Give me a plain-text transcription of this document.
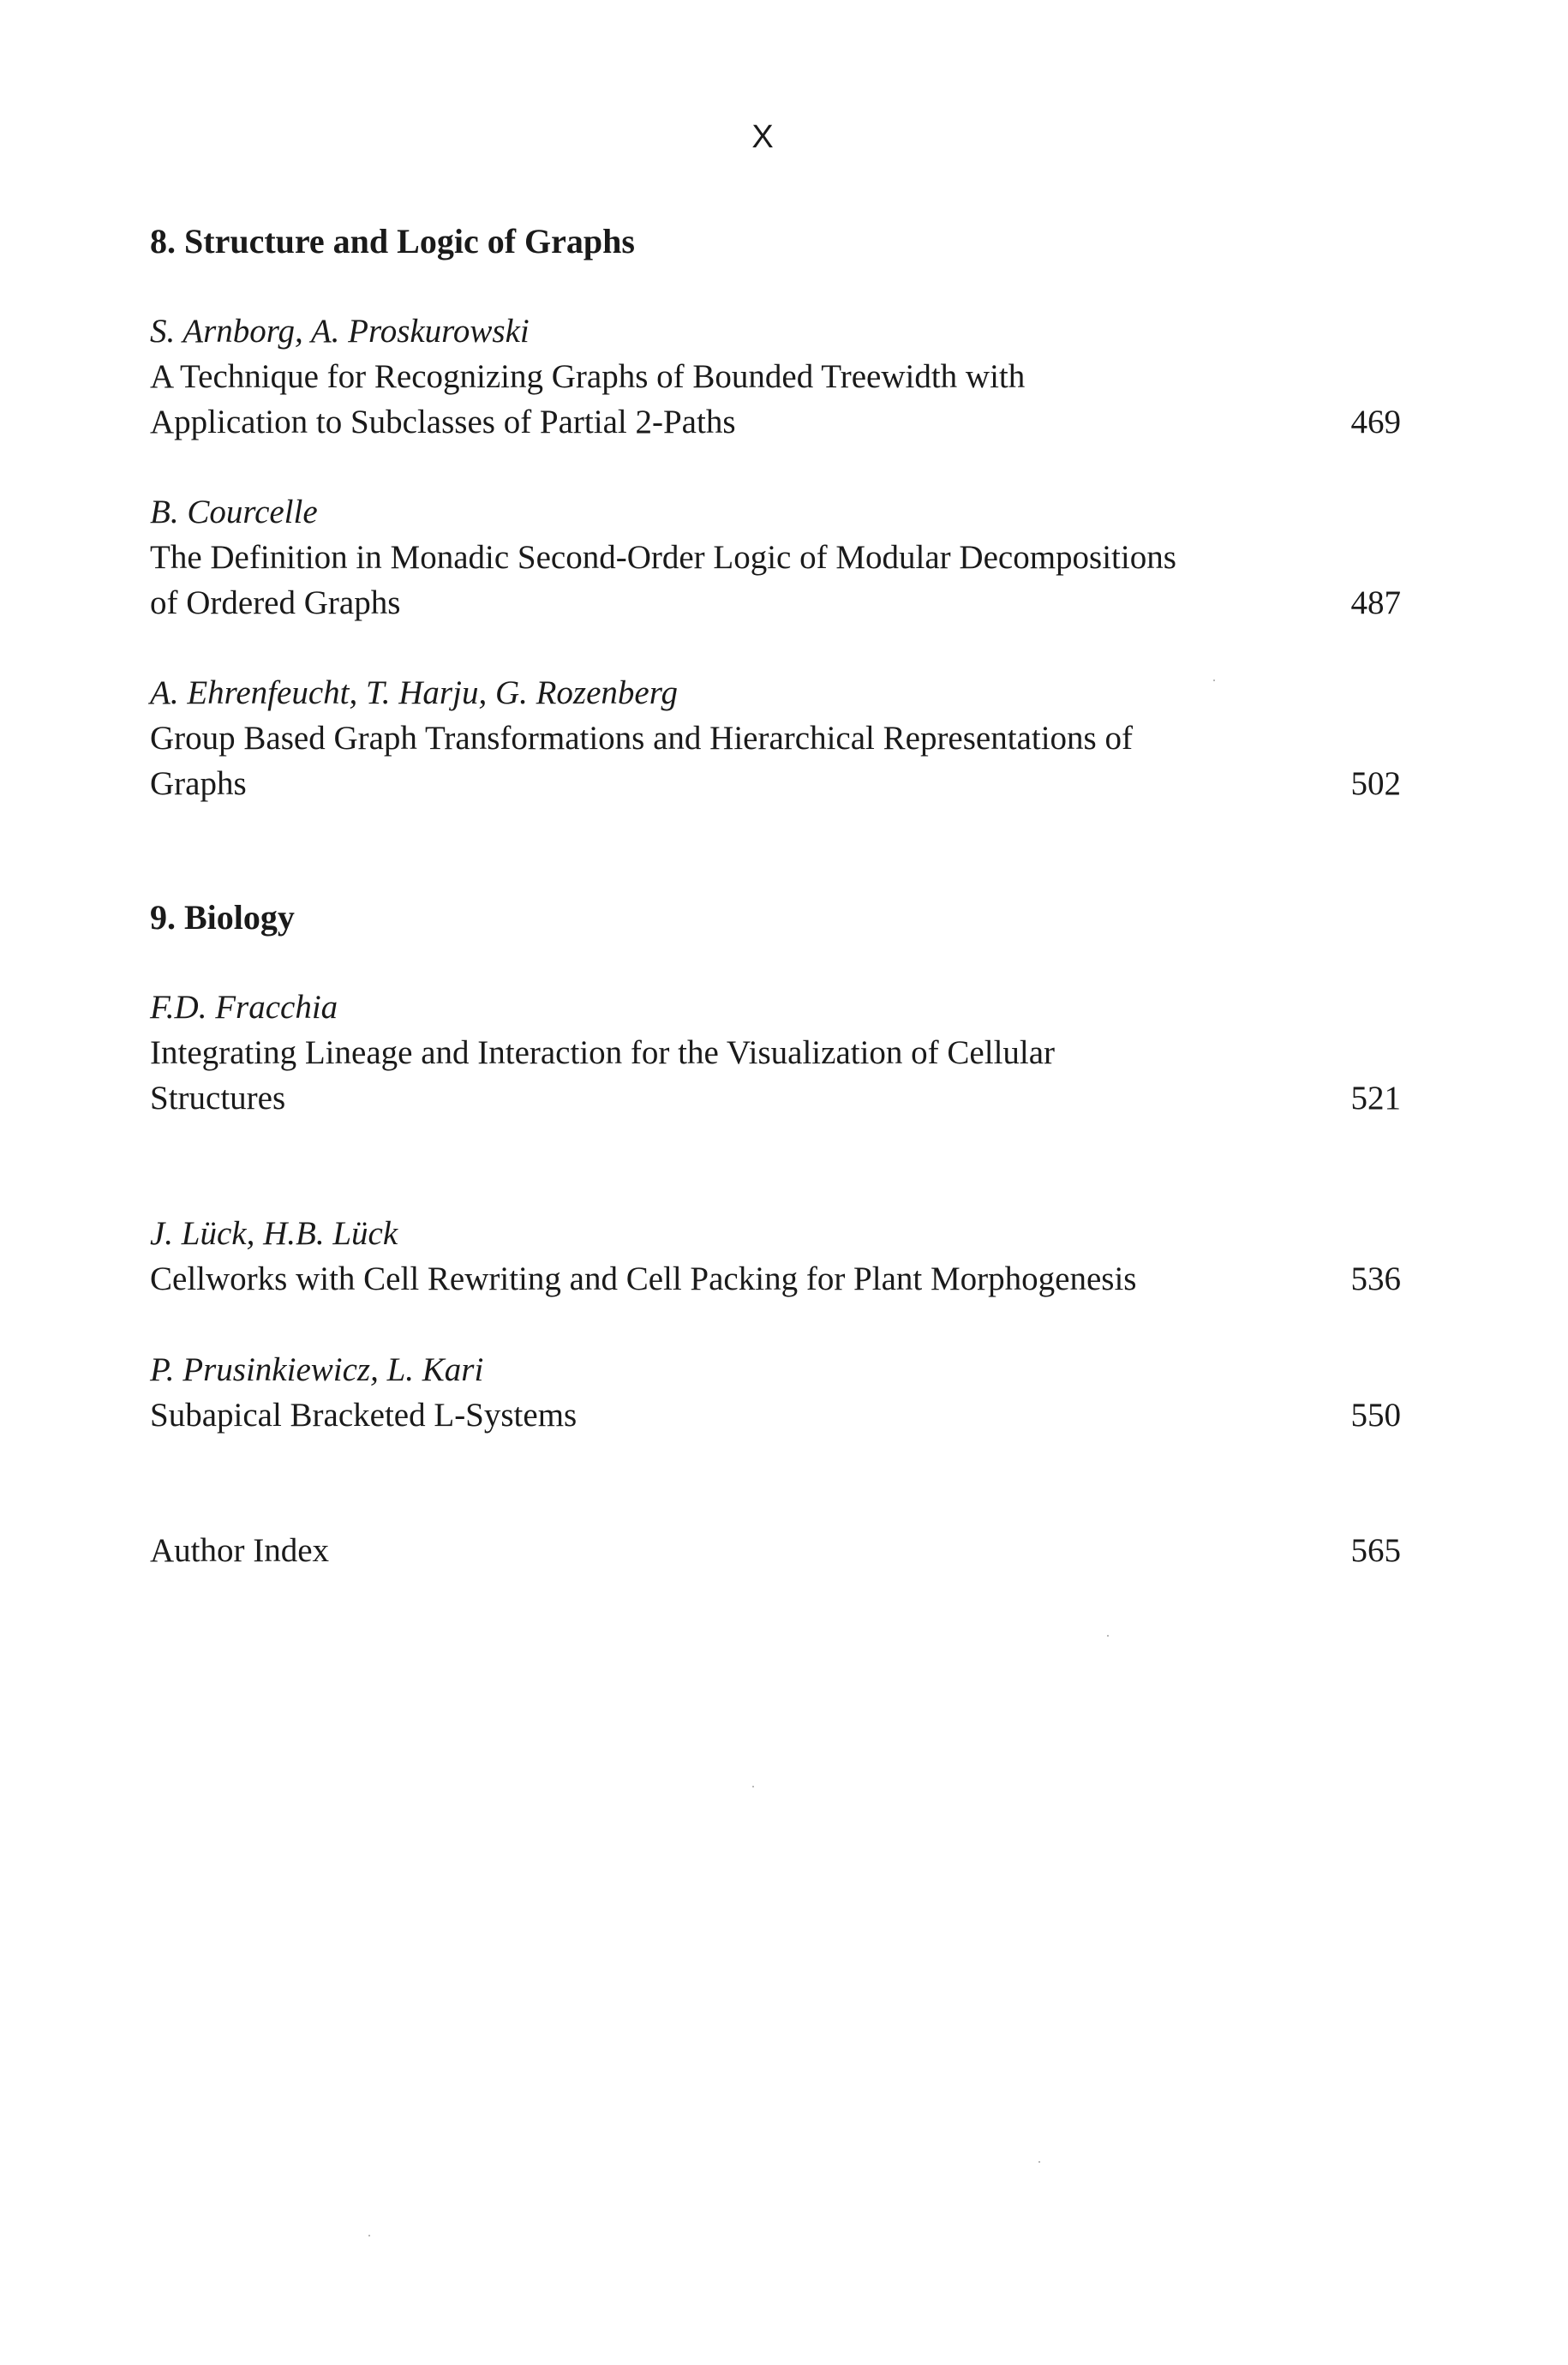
X
8. Structure and Logic of Graphs
S. Arnborg, A. Proskurowski
A Technique for Recognizing Graphs of Bounded Treewidth with
Application to Subclasses of Partial 2-Paths	469
B. Courcelle
The Definition in Monadic Second-Order Logic of Modular Decompositions
of Ordered Graphs	487
A. Ehrenfeucht, T. Harju, G. Rozenberg
Group Based Graph Transformations and Hierarchical Representations of
Graphs	502
9. Biology
F.D. Fracchia
Integrating Lineage and Interaction for the Visualization of Cellular
Structures	521
J. Lück, H.B. Lück
Cellworks with Cell Rewriting and Cell Packing for Plant Morphogenesis	536
P. Prusinkiewicz, L. Kari
Subapical Bracketed L-Systems	550
Author Index	565
